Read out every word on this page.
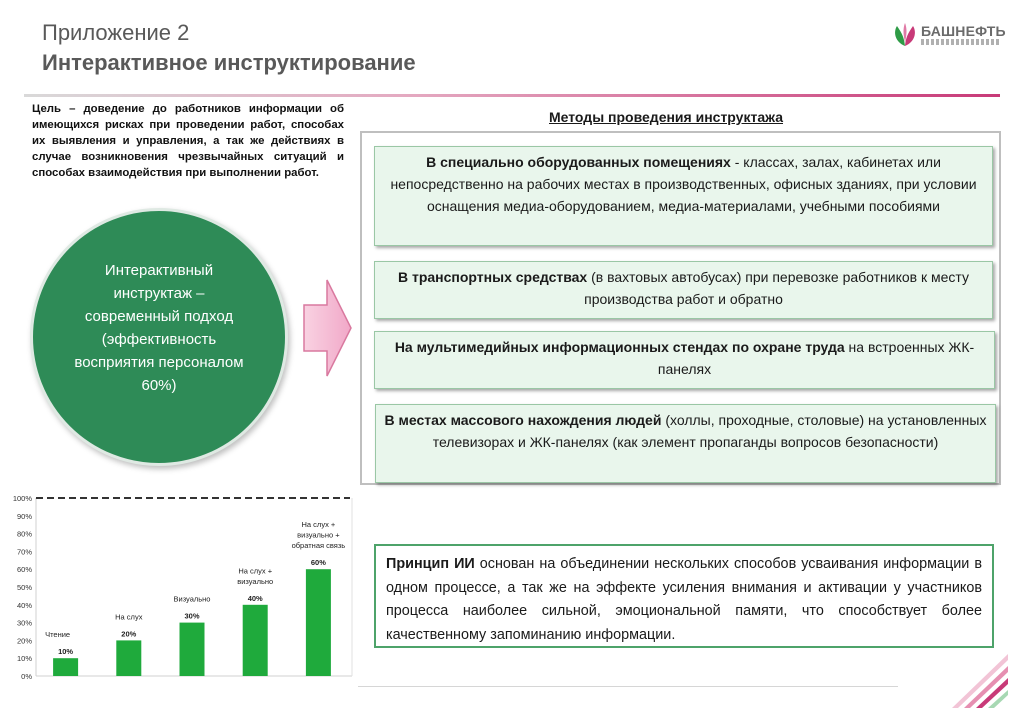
Приложение 2
Интерактивное инструктирование
БАШНЕФТЬ
Цель – доведение до работников информации об имеющихся рисках при проведении работ, способах их выявления и управления, а так же действиях в случае возникновения чрезвычайных ситуаций и способах взаимодействия при выполнении работ.
Интерактивный инструктаж – современный подход (эффективность восприятия персоналом 60%)
Методы проведения инструктажа
В специально оборудованных помещениях - классах, залах, кабинетах или непосредственно на рабочих местах в производственных, офисных зданиях, при условии оснащения медиа-оборудованием, медиа-материалами, учебными пособиями
В транспортных средствах (в вахтовых автобусах) при перевозке работников к месту производства работ и обратно
На мультимедийных информационных стендах по охране труда на встроенных ЖК-панелях
В местах массового нахождения людей (холлы, проходные, столовые) на установленных телевизорах и ЖК-панелях (как элемент пропаганды вопросов безопасности)
Принцип ИИ основан на объединении нескольких способов усваивания информации в одном процессе, а так же на эффекте усиления внимания и активации у участников процесса наиболее сильной, эмоциональной памяти, что способствует более качественному запоминанию информации.
0%
10%
20%
30%
40%
50%
60%
70%
80%
90%
100%
10%
Чтение	20%
На слух	30%
Визуально	40%
На слух +
визуально
60%
На слух +
визуально +
обратная связь
